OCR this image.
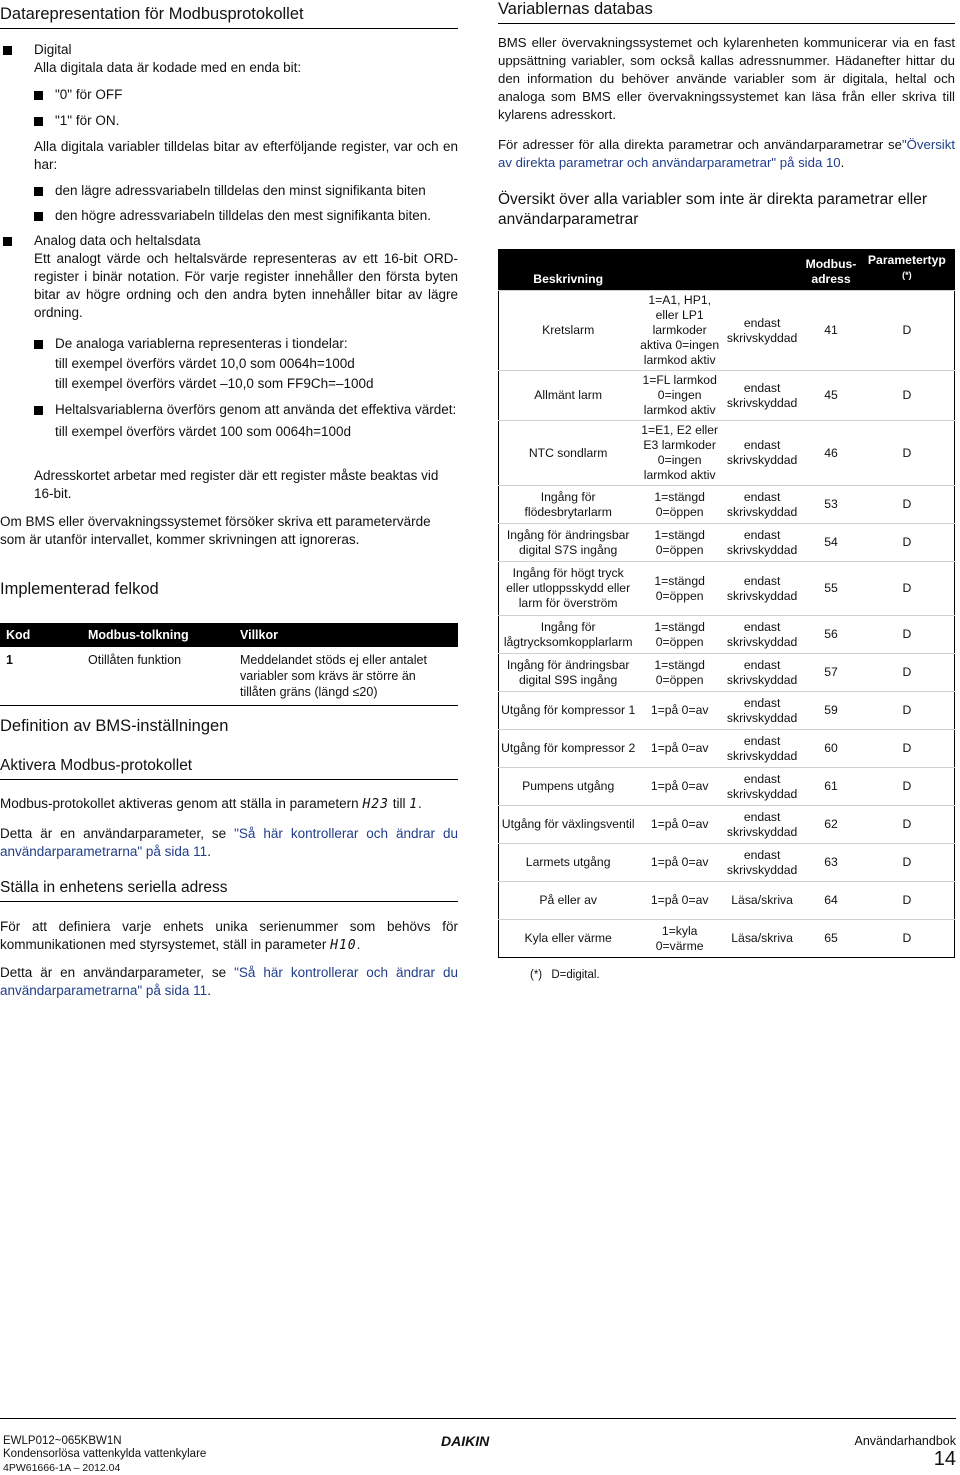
Datarepresentation för Modbusprotokollet

Digital

Alla digitala data är kodade med en enda bit:

"0" för OFF

"1" för ON.

Alla digitala variabler tilldelas bitar av efterföljande register, var och en har:

den lägre adressvariabeln tilldelas den minst signifikanta biten

den högre adressvariabeln tilldelas den mest signifikanta biten.

Analog data och heltalsdata

Ett analogt värde och heltalsvärde representeras av ett 16-bit ORD-register i binär notation. För varje register innehåller den första byten bitar av högre ordning och den andra byten innehåller bitar av lägre ordning.

De analoga variablerna representeras i tiondelar:

till exempel överförs värdet 10,0 som 0064h=100d

till exempel överförs värdet –10,0 som FF9Ch=–100d

Heltalsvariablerna överförs genom att använda det effektiva värdet:

till exempel överförs värdet 100 som 0064h=100d

Adresskortet arbetar med register där ett register måste beaktas vid 16-bit.

Om BMS eller övervakningssystemet försöker skriva ett parametervärde som är utanför intervallet, kommer skrivningen att ignoreras.

Implementerad felkod
Kod	Modbus-tolkning	Villkor
1	Otillåten funktion	Meddelandet stöds ej eller antalet variabler som krävs är större än tillåten gräns (längd ≤20)
Definition av BMS-inställningen
Aktivera Modbus-protokollet

Modbus-protokollet aktiveras genom att ställa in parametern H23 till 1.

Detta är en användarparameter, se "Så här kontrollerar och ändrar du användarparametrarna" på sida 11.

Ställa in enhetens seriella adress

För att definiera varje enhets unika serienummer som behövs för kommunikationen med styrsystemet, ställ in parameter H10.

Detta är en användarparameter, se "Så här kontrollerar och ändrar du användarparametrarna" på sida 11.

Variablernas databas

BMS eller övervakningssystemet och kylarenheten kommunicerar via en fast uppsättning variabler, som också kallas adressnummer. Hädanefter hittar du den information du behöver använde variabler som är digitala, heltal och analoga som BMS eller övervakningssystemet kan läsa från eller skriva till kylarens adresskort.

För adresser för alla direkta parametrar och användarparametrar se"Översikt av direkta parametrar och användarparametrar" på sida 10.

Översikt över alla variabler som inte är direkta parametrar eller användarparametrar

Beskrivning			Modbus-adress	Parametertyp (*)
Kretslarm	1=A1, HP1, eller LP1 larmkoder aktiva 0=ingen larmkod aktiv	endast skrivskyddad	41	D
Allmänt larm	1=FL larmkod 0=ingen larmkod aktiv	endast skrivskyddad	45	D
NTC sondlarm	1=E1, E2 eller E3 larmkoder 0=ingen larmkod aktiv	endast skrivskyddad	46	D
Ingång för flödesbrytarlarm	1=stängd 0=öppen	endast skrivskyddad	53	D
Ingång för ändringsbar digital S7S ingång	1=stängd 0=öppen	endast skrivskyddad	54	D
Ingång för högt tryck eller utloppsskydd eller larm för överström	1=stängd 0=öppen	endast skrivskyddad	55	D
Ingång för lågtrycksomkopplarlarm	1=stängd 0=öppen	endast skrivskyddad	56	D
Ingång för ändringsbar digital S9S ingång	1=stängd 0=öppen	endast skrivskyddad	57	D
Utgång för kompressor 1	1=på 0=av	endast skrivskyddad	59	D
Utgång för kompressor 2	1=på 0=av	endast skrivskyddad	60	D
Pumpens utgång	1=på 0=av	endast skrivskyddad	61	D
Utgång för växlingsventil	1=på 0=av	endast skrivskyddad	62	D
Larmets utgång	1=på 0=av	endast skrivskyddad	63	D
På eller av	1=på 0=av	Läsa/skriva	64	D
Kyla eller värme	1=kyla 0=värme	Läsa/skriva	65	D
(*) D=digital.
EWLP012~065KBW1N
Kondensorlösa vattenkylda vattenkylare
4PW61666-1A – 2012.04
DAIKIN	Användarhandbok
14
